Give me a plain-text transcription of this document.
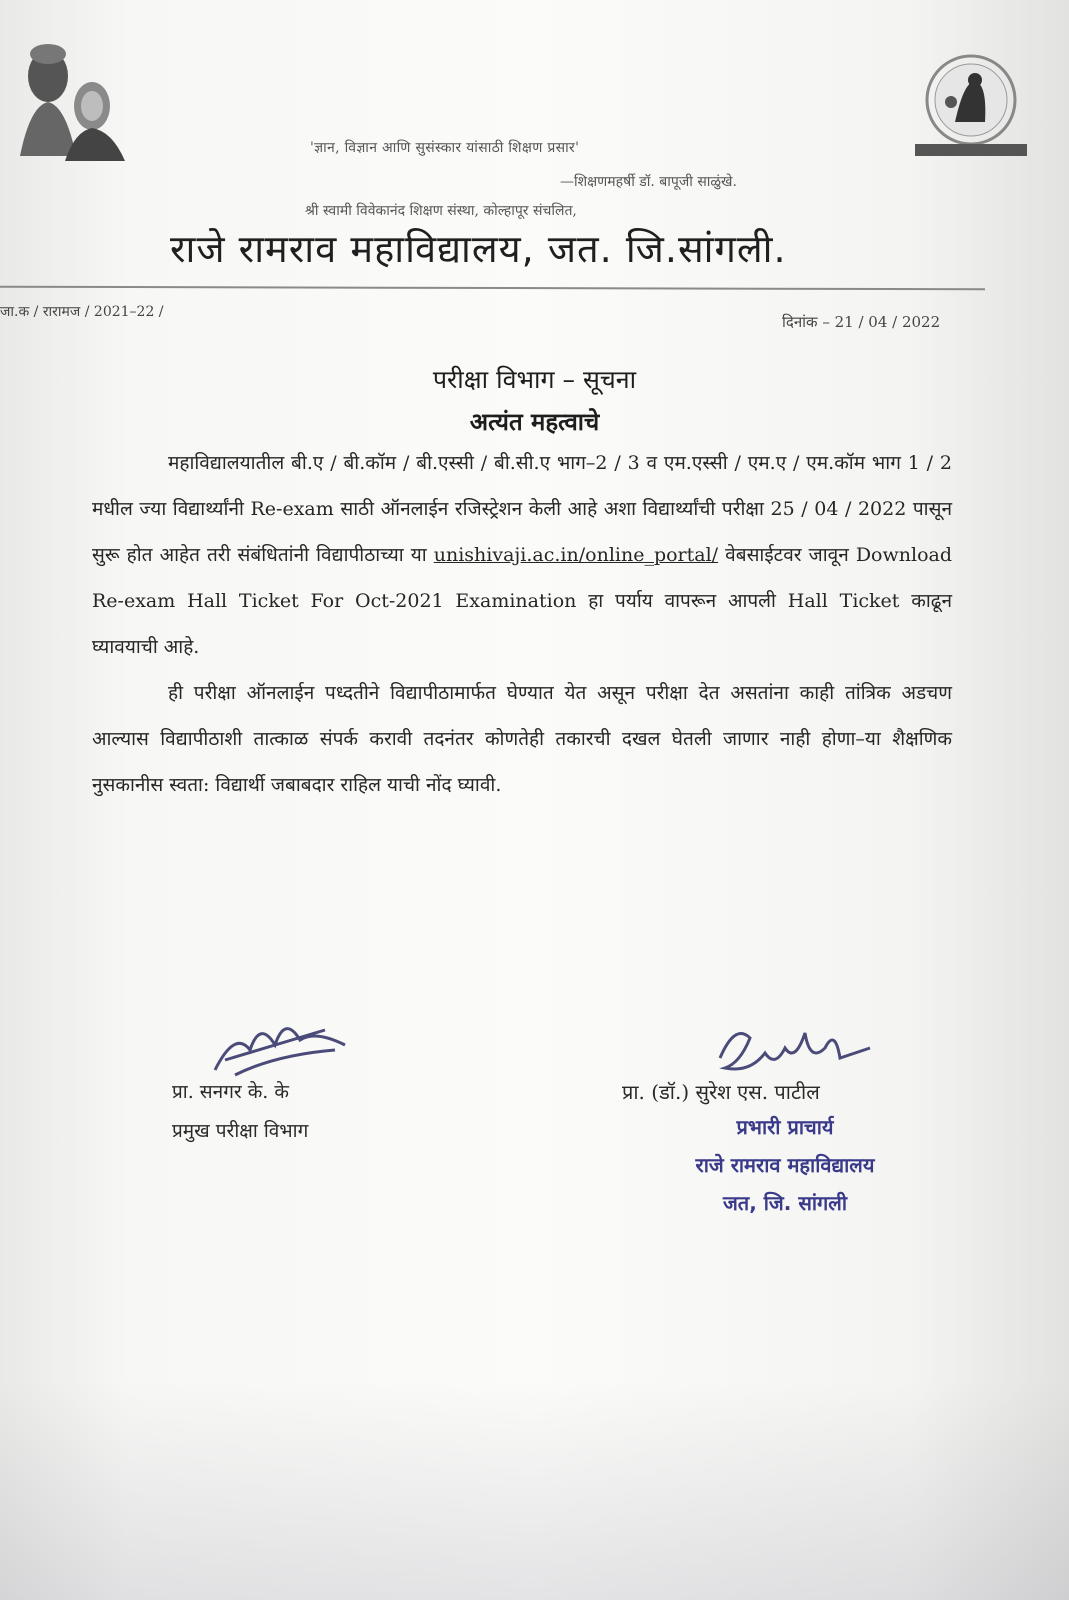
'ज्ञान, विज्ञान आणि सुसंस्कार यांसाठी शिक्षण प्रसार'
—शिक्षणमहर्षी डॉ. बापूजी साळुंखे.
श्री स्वामी विवेकानंद शिक्षण संस्था, कोल्हापूर संचलित,
राजे रामराव महाविद्यालय, जत. जि.सांगली.
जा.क / रारामज / 2021–22 /
दिनांक – 21 / 04 / 2022
परीक्षा विभाग – सूचना
अत्यंत महत्वाचे

महाविद्यालयातील बी.ए / बी.कॉम / बी.एस्सी / बी.सी.ए भाग–2 / 3 व एम.एस्सी / एम.ए / एम.कॉम भाग 1 / 2 मधील ज्या विद्यार्थ्यांनी Re-exam साठी ऑनलाईन रजिस्ट्रेशन केली आहे अशा विद्यार्थ्यांची परीक्षा 25 / 04 / 2022 पासून सुरू होत आहेत तरी संबंधितांनी विद्यापीठाच्या या unishivaji.ac.in/online_portal/ वेबसाईटवर जावून Download Re-exam Hall Ticket For Oct-2021 Examination हा पर्याय वापरून आपली Hall Ticket काढून घ्यावयाची आहे.

ही परीक्षा ऑनलाईन पध्दतीने विद्यापीठामार्फत घेण्यात येत असून परीक्षा देत असतांना काही तांत्रिक अडचण आल्यास विद्यापीठाशी तात्काळ संपर्क करावी तदनंतर कोणतेही तकारची दखल घेतली जाणार नाही होणा–या शैक्षणिक नुसकानीस स्वता: विद्यार्थी जबाबदार राहिल याची नोंद घ्यावी.

प्रा. सनगर के. के
प्रमुख परीक्षा विभाग
प्रा. (डॉ.) सुरेश एस. पाटील
प्रभारी प्राचार्य
राजे रामराव महाविद्यालय
जत, जि. सांगली
